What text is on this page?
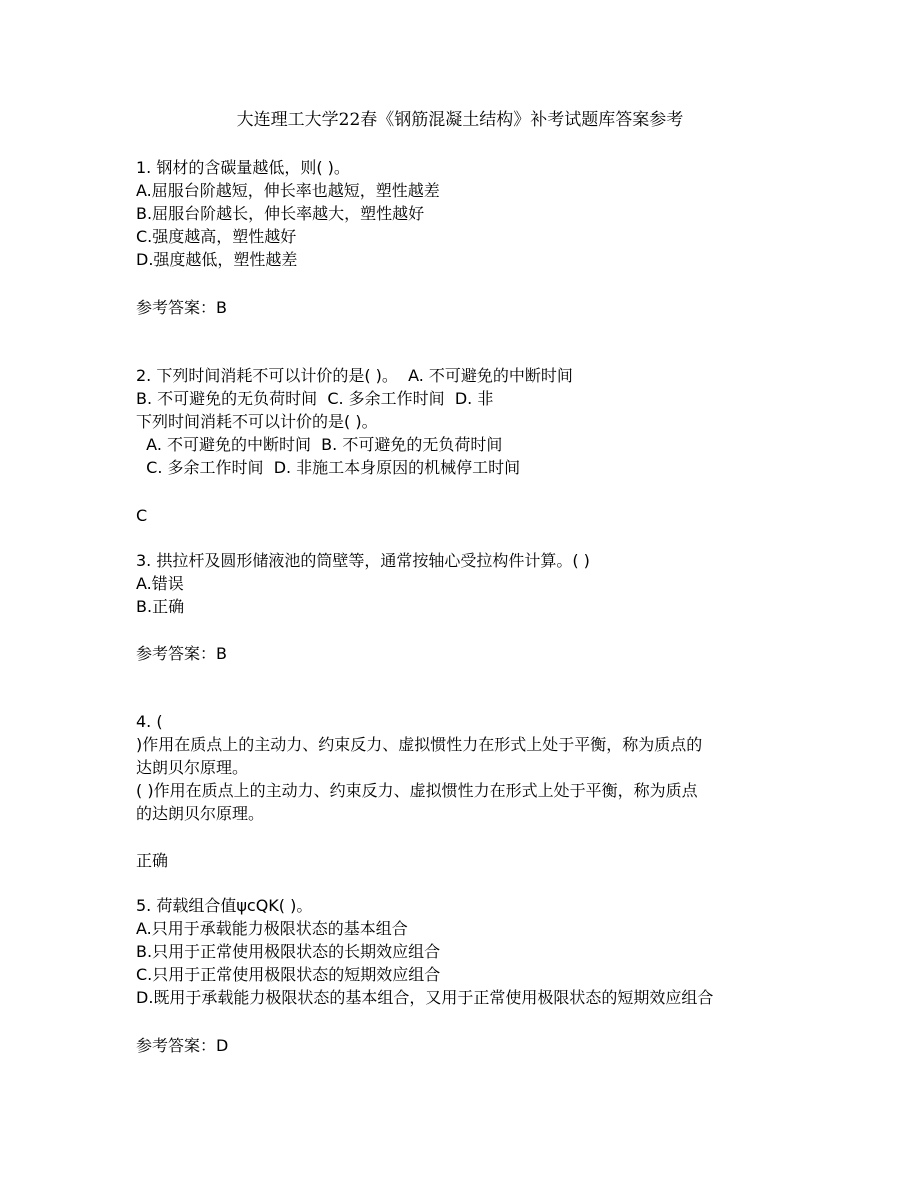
大连理工大学22春《钢筋混凝土结构》补考试题库答案参考
1. 钢材的含碳量越低，则( )。
A.屈服台阶越短，伸长率也越短，塑性越差
B.屈服台阶越长，伸长率越大，塑性越好
C.强度越高，塑性越好
D.强度越低，塑性越差
参考答案：B
2. 下列时间消耗不可以计价的是( )。  A. 不可避免的中断时间
B. 不可避免的无负荷时间  C. 多余工作时间  D. 非
下列时间消耗不可以计价的是( )。
A. 不可避免的中断时间  B. 不可避免的无负荷时间
C. 多余工作时间  D. 非施工本身原因的机械停工时间
C
3. 拱拉杆及圆形储液池的筒壁等，通常按轴心受拉构件计算。( )
A.错误
B.正确
参考答案：B
4. (
)作用在质点上的主动力、约束反力、虚拟惯性力在形式上处于平衡，称为质点的
达朗贝尔原理。
( )作用在质点上的主动力、约束反力、虚拟惯性力在形式上处于平衡，称为质点
的达朗贝尔原理。
正确
5. 荷载组合值ψcQK( )。
A.只用于承载能力极限状态的基本组合
B.只用于正常使用极限状态的长期效应组合
C.只用于正常使用极限状态的短期效应组合
D.既用于承载能力极限状态的基本组合，又用于正常使用极限状态的短期效应组合
参考答案：D
